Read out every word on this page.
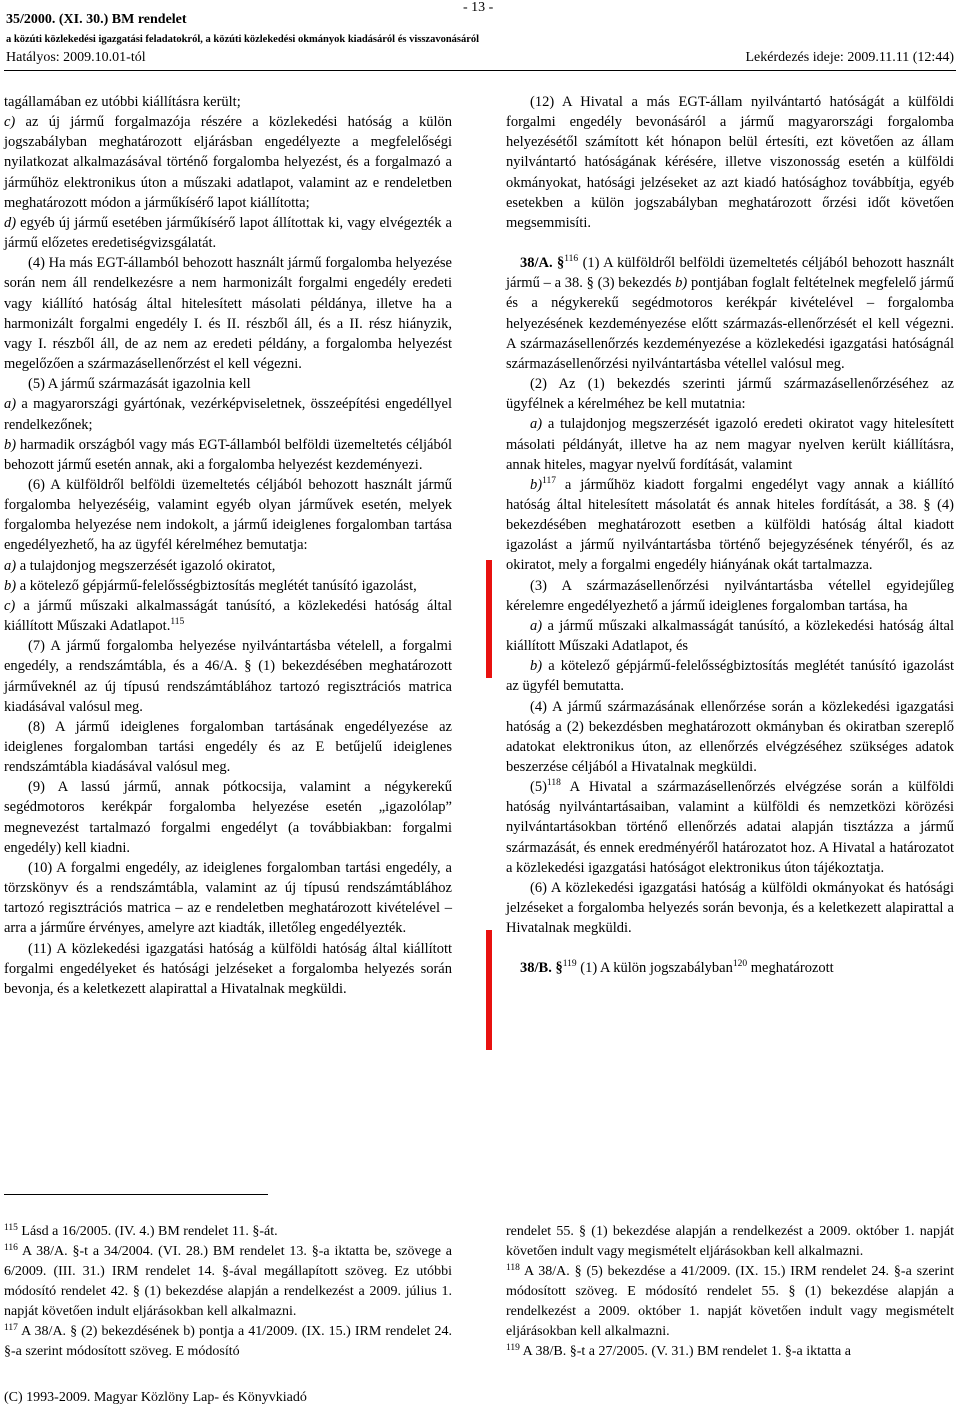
35/2000. (XI. 30.) BM rendelet
- 13 -
a közúti közlekedési igazgatási feladatokról, a közúti közlekedési okmányok kiadásáról és visszavonásáról
Hatályos: 2009.10.01-tól	Lekérdezés ideje: 2009.11.11 (12:44)

tagállamában ez utóbbi kiállításra került;

c) az új jármű forgalmazója részére a közlekedési hatóság a külön jogszabályban meghatározott eljárásban engedélyezte a megfelelőségi nyilatkozat alkalmazásával történő forgalomba helyezést, és a forgalmazó a járműhöz elektronikus úton a műszaki adatlapot, valamint az e rendeletben meghatározott módon a járműkísérő lapot kiállította;

d) egyéb új jármű esetében járműkísérő lapot állítottak ki, vagy elvégezték a jármű előzetes eredetiségvizsgálatát.

(4) Ha más EGT-államból behozott használt jármű forgalomba helyezése során nem áll rendelkezésre a nem harmonizált forgalmi engedély eredeti vagy kiállító hatóság által hitelesített másolati példánya, illetve ha a harmonizált forgalmi engedély I. és II. részből áll, és a II. rész hiányzik, vagy I. részből áll, de az nem az eredeti példány, a forgalomba helyezést megelőzően a származásellenőrzést el kell végezni.

(5) A jármű származását igazolnia kell

a) a magyarországi gyártónak, vezérképviseletnek, összeépítési engedéllyel rendelkezőnek;

b) harmadik országból vagy más EGT-államból belföldi üzemeltetés céljából behozott jármű esetén annak, aki a forgalomba helyezést kezdeményezi.

(6) A külföldről belföldi üzemeltetés céljából behozott használt jármű forgalomba helyezéséig, valamint egyéb olyan járművek esetén, melyek forgalomba helyezése nem indokolt, a jármű ideiglenes forgalomban tartása engedélyezhető, ha az ügyfél kérelméhez bemutatja:

a) a tulajdonjog megszerzését igazoló okiratot,

b) a kötelező gépjármű-felelősségbiztosítás meglétét tanúsító igazolást,

c) a jármű műszaki alkalmasságát tanúsító, a közlekedési hatóság által kiállított Műszaki Adatlapot.$^{115}$

(7) A jármű forgalomba helyezése nyilvántartásba vételell, a forgalmi engedély, a rendszámtábla, és a 46/A. § (1) bekezdésében meghatározott járműveknél az új típusú rendszámtáblához tartozó regisztrációs matrica kiadásával valósul meg.

(8) A jármű ideiglenes forgalomban tartásának engedélyezése az ideiglenes forgalomban tartási engedély és az E betűjelű ideiglenes rendszámtábla kiadásával valósul meg.

(9) A lassú jármű, annak pótkocsija, valamint a négykerekű segédmotoros kerékpár forgalomba helyezése esetén „igazolólap” megnevezést tartalmazó forgalmi engedélyt (a továbbiakban: forgalmi engedély) kell kiadni.

(10) A forgalmi engedély, az ideiglenes forgalomban tartási engedély, a törzskönyv és a rendszámtábla, valamint az új típusú rendszámtáblához tartozó regisztrációs matrica – az e rendeletben meghatározott kivételével – arra a járműre érvényes, amelyre azt kiadták, illetőleg engedélyezték.

(11) A közlekedési igazgatási hatóság a külföldi hatóság által kiállított forgalmi engedélyeket és hatósági jelzéseket a forgalomba helyezés során bevonja, és a keletkezett alapirattal a Hivatalnak megküldi.

(12) A Hivatal a más EGT-állam nyilvántartó hatóságát a külföldi forgalmi engedély bevonásáról a jármű magyarországi forgalomba helyezésétől számított két hónapon belül értesíti, ezt követően az állam nyilvántartó hatóságának kérésére, illetve viszonosság esetén a külföldi okmányokat, hatósági jelzéseket az azt kiadó hatósághoz továbbítja, egyéb esetekben a külön jogszabályban meghatározott őrzési időt követően megsemmisíti.

38/A. §$^{116}$ (1) A külföldről belföldi üzemeltetés céljából behozott használt jármű – a 38. § (3) bekezdés b) pontjában foglalt feltételnek megfelelő jármű és a négykerekű segédmotoros kerékpár kivételével – forgalomba helyezésének kezdeményezése előtt származás-ellenőrzését el kell végezni. A származásellenőrzés kezdeményezése a közlekedési igazgatási hatóságnál származásellenőrzési nyilvántartásba vétellel valósul meg.

(2) Az (1) bekezdés szerinti jármű származásellenőrzéséhez az ügyfélnek a kérelméhez be kell mutatnia:

a) a tulajdonjog megszerzését igazoló eredeti okiratot vagy hitelesített másolati példányát, illetve ha az nem magyar nyelven került kiállításra, annak hiteles, magyar nyelvű fordítását, valamint

b)$^{117}$ a járműhöz kiadott forgalmi engedélyt vagy annak a kiállító hatóság által hitelesített másolatát és annak hiteles fordítását, a 38. § (4) bekezdésében meghatározott esetben a külföldi hatóság által kiadott igazolást a jármű nyilvántartásba történő bejegyzésének tényéről, és az okiratot, mely a forgalmi engedély hiányának okát tartalmazza.

(3) A származásellenőrzési nyilvántartásba vétellel egyidejűleg kérelemre engedélyezhető a jármű ideiglenes forgalomban tartása, ha

a) a jármű műszaki alkalmasságát tanúsító, a közlekedési hatóság által kiállított Műszaki Adatlapot, és

b) a kötelező gépjármű-felelősségbiztosítás meglétét tanúsító igazolást az ügyfél bemutatta.

(4) A jármű származásának ellenőrzése során a közlekedési igazgatási hatóság a (2) bekezdésben meghatározott okmányban és okiratban szereplő adatokat elektronikus úton, az ellenőrzés elvégzéséhez szükséges adatok beszerzése céljából a Hivatalnak megküldi.

$(5)^{118}$ A Hivatal a származásellenőrzés elvégzése során a külföldi hatóság nyilvántartásaiban, valamint a külföldi és nemzetközi körözési nyilvántartásokban történő ellenőrzés adatai alapján tisztázza a jármű származását, és ennek eredményéről határozatot hoz. A Hivatal a határozatot a közlekedési igazgatási hatóságot elektronikus úton tájékoztatja.

(6) A közlekedési igazgatási hatóság a külföldi okmányokat és hatósági jelzéseket a forgalomba helyezés során bevonja, és a keletkezett alapirattal a Hivatalnak megküldi.

38/B. §$^{119}$ (1) A külön jogszabályban$^{120}$ meghatározott

$^{115}$ Lásd a 16/2005. (IV. 4.) BM rendelet 11. §-át.

$^{116}$ A 38/A. §-t a 34/2004. (VI. 28.) BM rendelet 13. §-a iktatta be, szövege a 6/2009. (III. 31.) IRM rendelet 14. §-ával megállapított szöveg. Ez utóbbi módosító rendelet 42. § (1) bekezdése alapján a rendelkezést a 2009. július 1. napját követően indult eljárásokban kell alkalmazni.

$^{117}$ A 38/A. § (2) bekezdésének b) pontja a 41/2009. (IX. 15.) IRM rendelet 24. §-a szerint módosított szöveg. E módosító

rendelet 55. § (1) bekezdése alapján a rendelkezést a 2009. október 1. napját követően indult vagy megismételt eljárásokban kell alkalmazni.

$^{118}$ A 38/A. § (5) bekezdése a 41/2009. (IX. 15.) IRM rendelet 24. §-a szerint módosított szöveg. E módosító rendelet 55. § (1) bekezdése alapján a rendelkezést a 2009. október 1. napját követően indult vagy megismételt eljárásokban kell alkalmazni.

$^{119}$ A 38/B. §-t a 27/2005. (V. 31.) BM rendelet 1. §-a iktatta a

(C) 1993-2009. Magyar Közlöny Lap- és Könyvkiadó
